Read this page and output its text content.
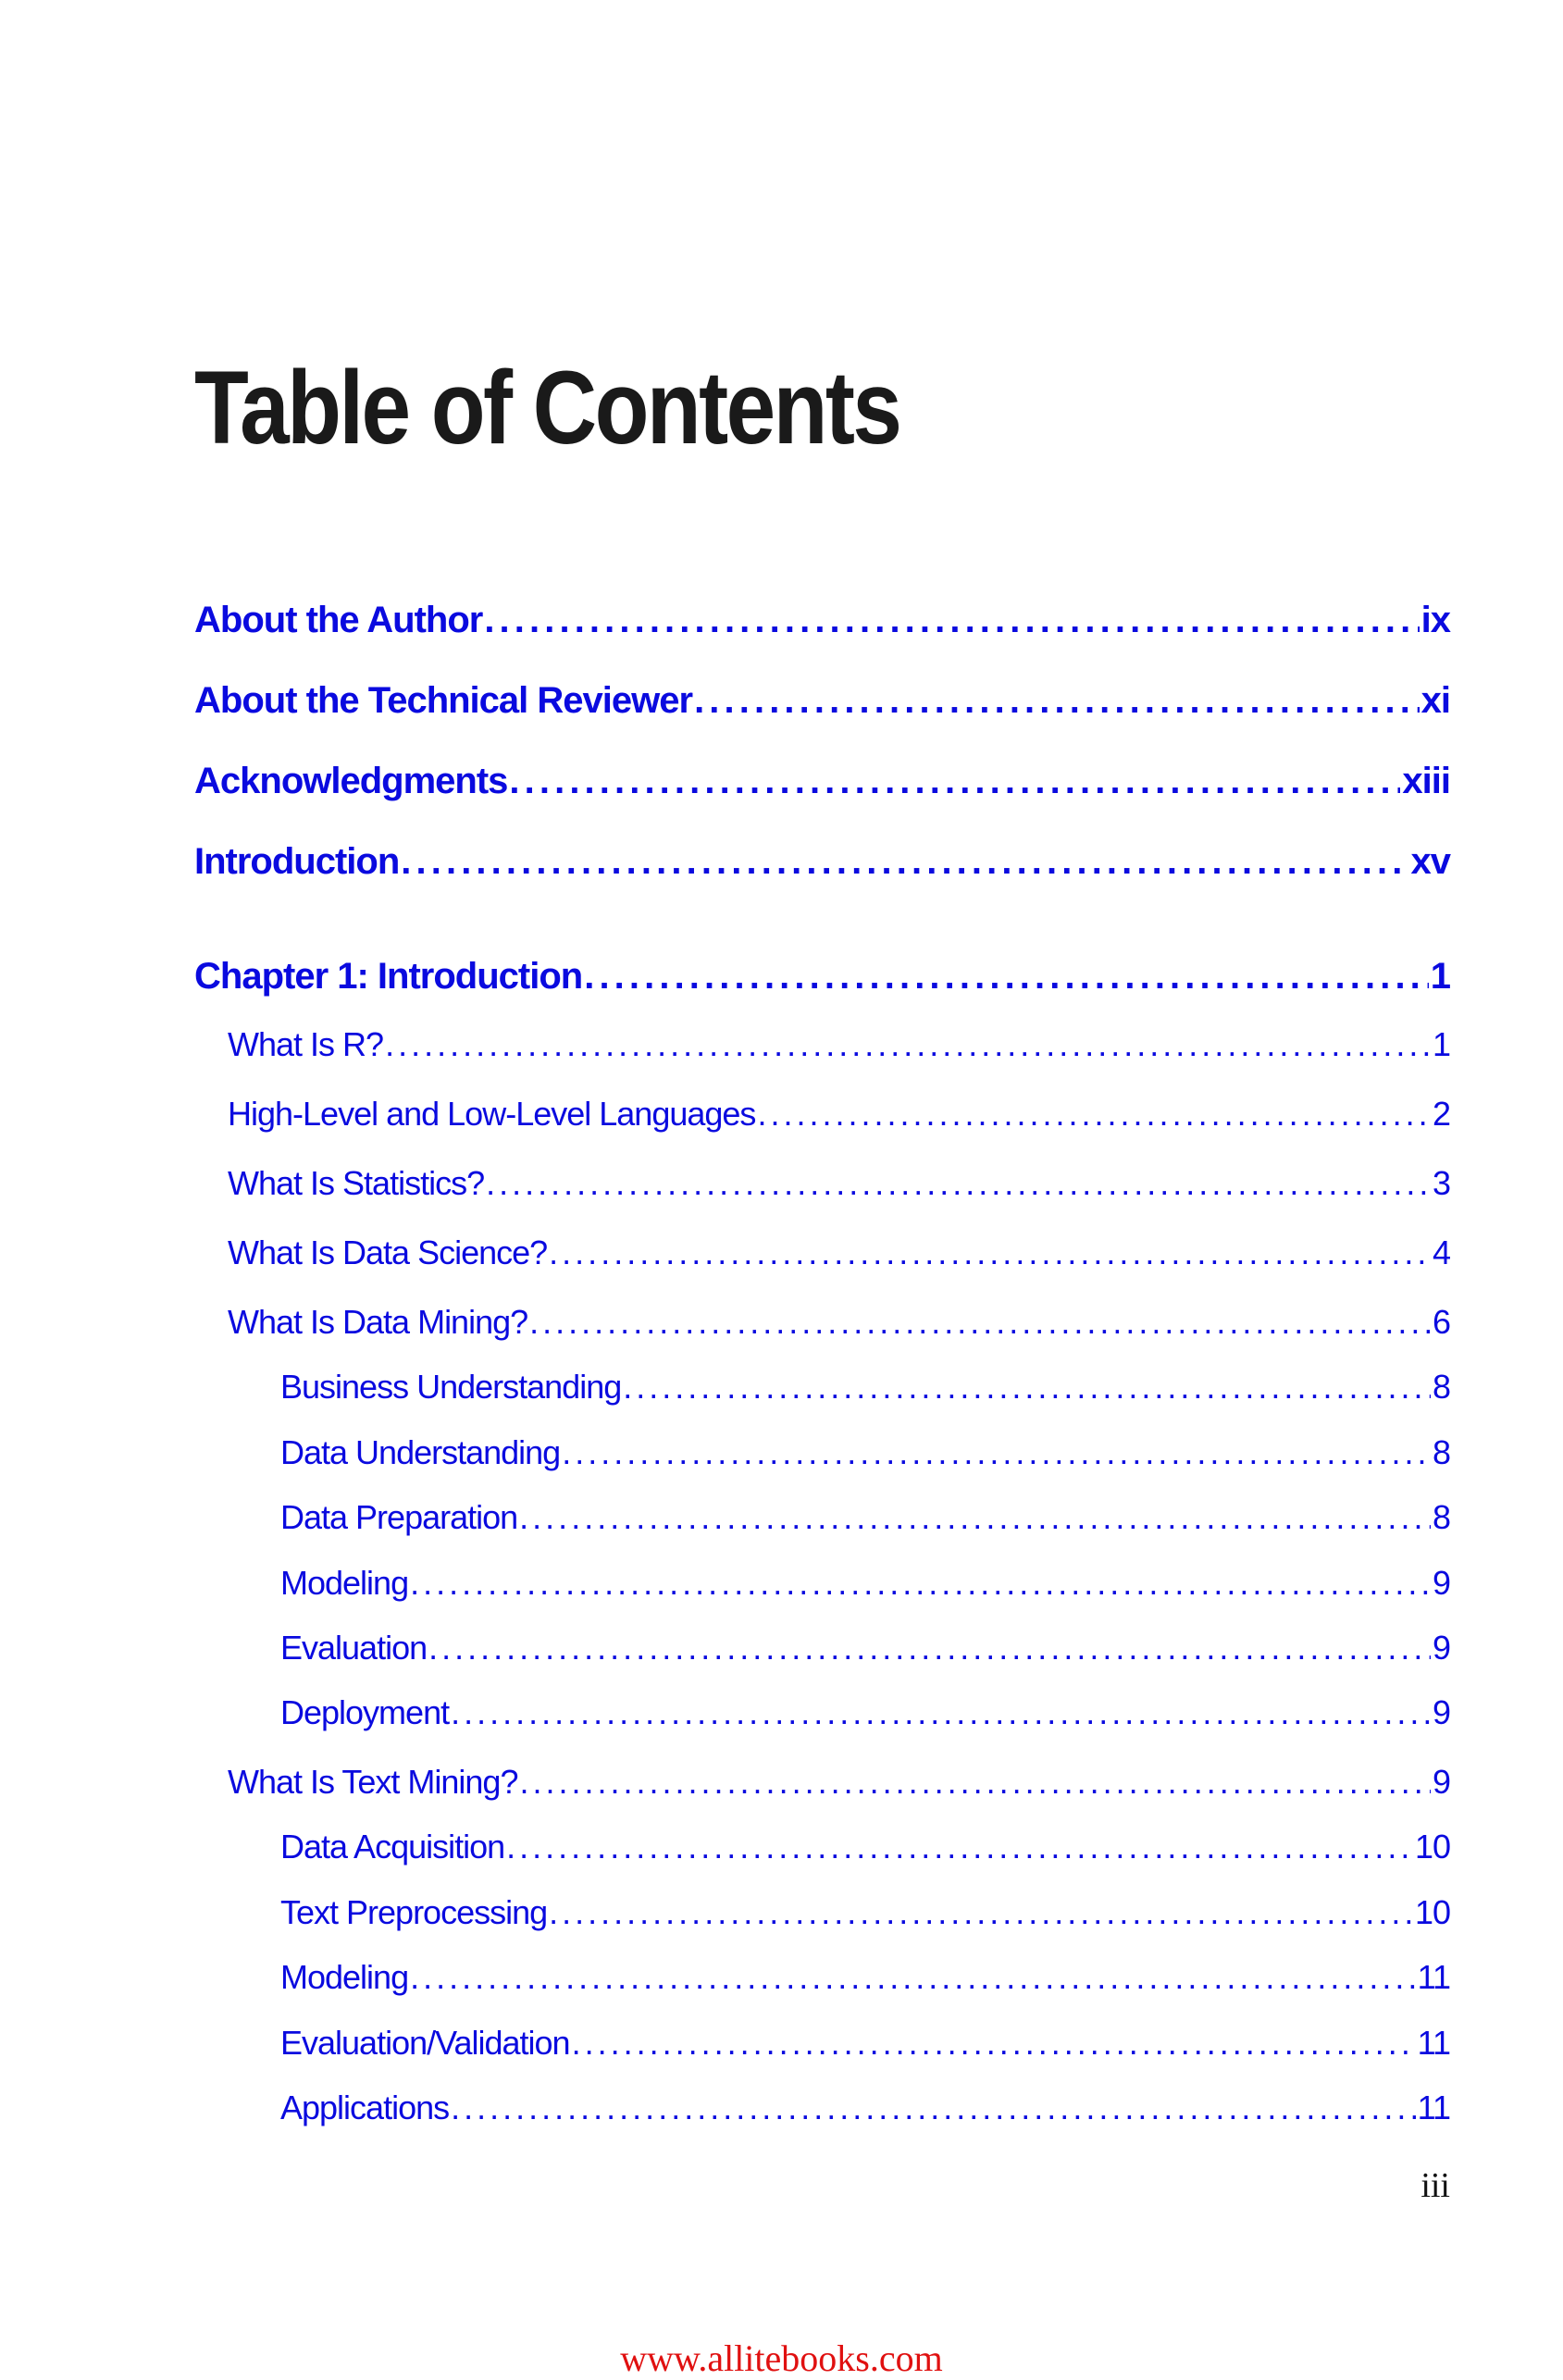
Table of Contents
About the Author . . .	ix
About the Technical Reviewer . . .	xi
Acknowledgments . . .	xiii
Introduction . . .	xv
Chapter 1: Introduction . . .	1
What Is R? . . .	1
High-Level and Low-Level Languages . . .	2
What Is Statistics? . . .	3
What Is Data Science? . . .	4
What Is Data Mining? . . .	6
Business Understanding . . .	8
Data Understanding . . .	8
Data Preparation . . .	8
Modeling . . .	9
Evaluation . . .	9
Deployment . . .	9
What Is Text Mining? . . .	9
Data Acquisition . . .	10
Text Preprocessing . . .	10
Modeling . . .	11
Evaluation/Validation . . .	11
Applications . . .	11
iii
www.allitebooks.com
